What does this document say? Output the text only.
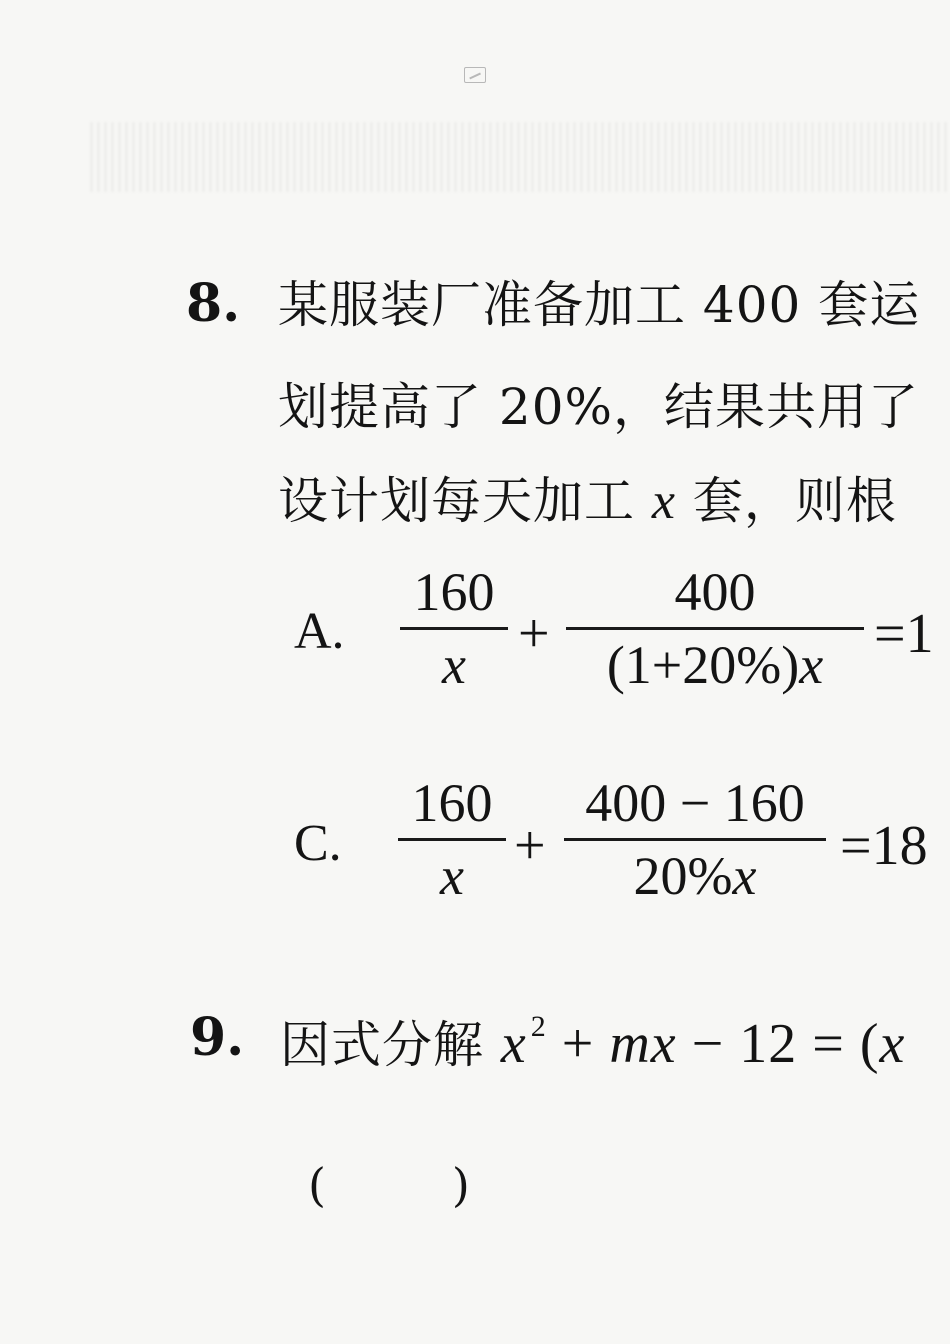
8. 某服装厂准备加工 400 套运
划提高了 20%，结果共用了
设计划每天加工 x 套，则根
A.
160
x +
400
(1+20%)x =1
C.
160
x +
400 − 160
20%x	=18
9. 因式分解 x $^2$ + mx − 12 = (x
(        )
